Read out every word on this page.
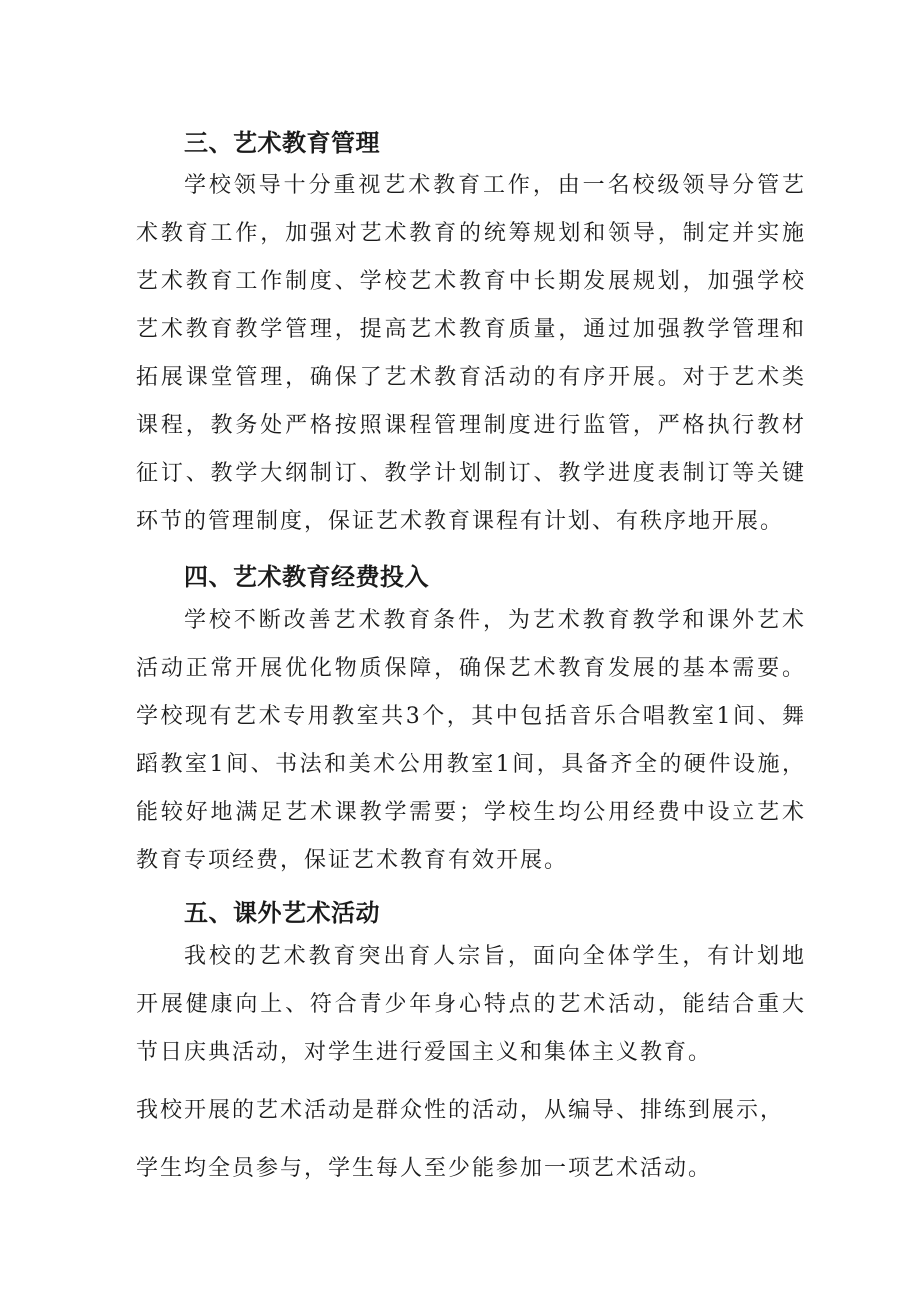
三、艺术教育管理

学校领导十分重视艺术教育工作，由一名校级领导分管艺术教育工作，加强对艺术教育的统筹规划和领导，制定并实施艺术教育工作制度、学校艺术教育中长期发展规划，加强学校艺术教育教学管理，提高艺术教育质量，通过加强教学管理和拓展课堂管理，确保了艺术教育活动的有序开展。对于艺术类课程，教务处严格按照课程管理制度进行监管，严格执行教材征订、教学大纲制订、教学计划制订、教学进度表制订等关键环节的管理制度，保证艺术教育课程有计划、有秩序地开展。

四、艺术教育经费投入

学校不断改善艺术教育条件，为艺术教育教学和课外艺术活动正常开展优化物质保障，确保艺术教育发展的基本需要。学校现有艺术专用教室共3个，其中包括音乐合唱教室1间、舞蹈教室1间、书法和美术公用教室1间，具备齐全的硬件设施，能较好地满足艺术课教学需要；学校生均公用经费中设立艺术教育专项经费，保证艺术教育有效开展。

五、课外艺术活动

我校的艺术教育突出育人宗旨，面向全体学生，有计划地开展健康向上、符合青少年身心特点的艺术活动，能结合重大节日庆典活动，对学生进行爱国主义和集体主义教育。

我校开展的艺术活动是群众性的活动，从编导、排练到展示，
学生均全员参与，学生每人至少能参加一项艺术活动。
